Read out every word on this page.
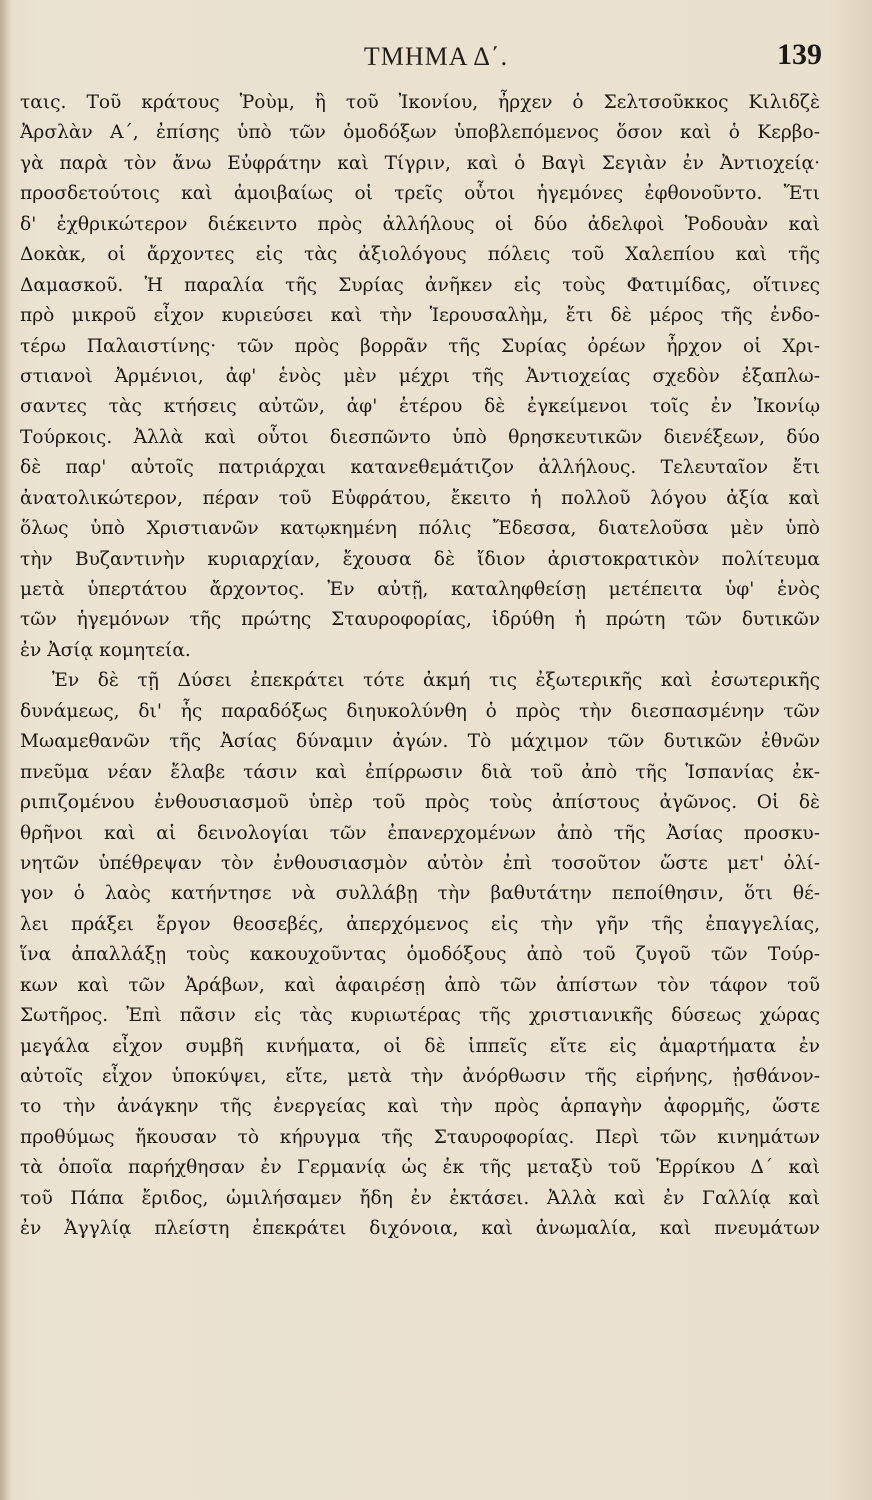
ΤΜΗΜΑ Δ΄.	139
ταις. Τοῦ κράτους Ῥοὺμ, ἢ τοῦ Ἰκονίου, ἦρχεν ὁ Σελτσοῦκκος Κιλιδζὲ
Ἀρσλὰν Α΄, ἐπίσης ὑπὸ τῶν ὁμοδόξων ὑποβλεπόμενος ὅσον καὶ ὁ Κερβο-
γὰ παρὰ τὸν ἄνω Εὐφράτην καὶ Τίγριν, καὶ ὁ Βαγὶ Σεγιὰν ἐν Ἀντιοχείᾳ·
προσδετούτοις καὶ ἀμοιβαίως οἱ τρεῖς οὗτοι ἡγεμόνες ἐφθονοῦντο. Ἔτι
δ' ἐχθρικώτερον διέκειντο πρὸς ἀλλήλους οἱ δύο ἀδελφοὶ Ῥοδουὰν καὶ
Δοκὰκ, οἱ ἄρχοντες εἰς τὰς ἀξιολόγους πόλεις τοῦ Χαλεπίου καὶ τῆς
Δαμασκοῦ. Ἡ παραλία τῆς Συρίας ἀνῆκεν εἰς τοὺς Φατιμίδας, οἵτινες
πρὸ μικροῦ εἶχον κυριεύσει καὶ τὴν Ἱερουσαλὴμ, ἔτι δὲ μέρος τῆς ἐνδο-
τέρω Παλαιστίνης· τῶν πρὸς βορρᾶν τῆς Συρίας ὀρέων ἦρχον οἱ Χρι-
στιανοὶ Ἀρμένιοι, ἀφ' ἑνὸς μὲν μέχρι τῆς Ἀντιοχείας σχεδὸν ἐξαπλω-
σαντες τὰς κτήσεις αὐτῶν, ἀφ' ἑτέρου δὲ ἐγκείμενοι τοῖς ἐν Ἰκονίῳ
Τούρκοις. Ἀλλὰ καὶ οὗτοι διεσπῶντο ὑπὸ θρησκευτικῶν διενέξεων, δύο
δὲ παρ' αὐτοῖς πατριάρχαι κατανεθεμάτιζον ἀλλήλους. Τελευταῖον ἔτι
ἀνατολικώτερον, πέραν τοῦ Εὐφράτου, ἔκειτο ἡ πολλοῦ λόγου ἀξία καὶ
ὅλως ὑπὸ Χριστιανῶν κατῳκημένη πόλις Ἔδεσσα, διατελοῦσα μὲν ὑπὸ
τὴν Βυζαντινὴν κυριαρχίαν, ἔχουσα δὲ ἴδιον ἀριστοκρατικὸν πολίτευμα
μετὰ ὑπερτάτου ἄρχοντος. Ἐν αὐτῇ, καταληφθείσῃ μετέπειτα ὑφ' ἑνὸς
τῶν ἡγεμόνων τῆς πρώτης Σταυροφορίας, ἱδρύθη ἡ πρώτη τῶν δυτικῶν
ἐν Ἀσίᾳ κομητεία.
Ἐν δὲ τῇ Δύσει ἐπεκράτει τότε ἀκμή τις ἐξωτερικῆς καὶ ἐσωτερικῆς
δυνάμεως, δι' ἧς παραδόξως διηυκολύνθη ὁ πρὸς τὴν διεσπασμένην τῶν
Μωαμεθανῶν τῆς Ἀσίας δύναμιν ἀγών. Τὸ μάχιμον τῶν δυτικῶν ἐθνῶν
πνεῦμα νέαν ἔλαβε τάσιν καὶ ἐπίρρωσιν διὰ τοῦ ἀπὸ τῆς Ἱσπανίας ἐκ-
ριπιζομένου ἐνθουσιασμοῦ ὑπὲρ τοῦ πρὸς τοὺς ἀπίστους ἀγῶνος. Οἱ δὲ
θρῆνοι καὶ αἱ δεινολογίαι τῶν ἐπανερχομένων ἀπὸ τῆς Ἀσίας προσκυ-
νητῶν ὑπέθρεψαν τὸν ἐνθουσιασμὸν αὐτὸν ἐπὶ τοσοῦτον ὥστε μετ' ὀλί-
γον ὁ λαὸς κατήντησε νὰ συλλάβῃ τὴν βαθυτάτην πεποίθησιν, ὅτι θέ-
λει πράξει ἔργον θεοσεβές, ἀπερχόμενος εἰς τὴν γῆν τῆς ἐπαγγελίας,
ἵνα ἀπαλλάξῃ τοὺς κακουχοῦντας ὁμοδόξους ἀπὸ τοῦ ζυγοῦ τῶν Τούρ-
κων καὶ τῶν Ἀράβων, καὶ ἀφαιρέσῃ ἀπὸ τῶν ἀπίστων τὸν τάφον τοῦ
Σωτῆρος. Ἐπὶ πᾶσιν εἰς τὰς κυριωτέρας τῆς χριστιανικῆς δύσεως χώρας
μεγάλα εἶχον συμβῆ κινήματα, οἱ δὲ ἱππεῖς εἴτε εἰς ἁμαρτήματα ἐν
αὐτοῖς εἶχον ὑποκύψει, εἴτε, μετὰ τὴν ἀνόρθωσιν τῆς εἰρήνης, ᾐσθάνον-
το τὴν ἀνάγκην τῆς ἐνεργείας καὶ τὴν πρὸς ἁρπαγὴν ἀφορμῆς, ὥστε
προθύμως ἤκουσαν τὸ κήρυγμα τῆς Σταυροφορίας. Περὶ τῶν κινημάτων
τὰ ὁποῖα παρήχθησαν ἐν Γερμανίᾳ ὡς ἐκ τῆς μεταξὺ τοῦ Ἑρρίκου Δ΄ καὶ
τοῦ Πάπα ἔριδος, ὡμιλήσαμεν ἤδη ἐν ἐκτάσει. Ἀλλὰ καὶ ἐν Γαλλίᾳ καὶ
ἐν Ἀγγλίᾳ πλείστη ἐπεκράτει διχόνοια, καὶ ἀνωμαλία, καὶ πνευμάτων
